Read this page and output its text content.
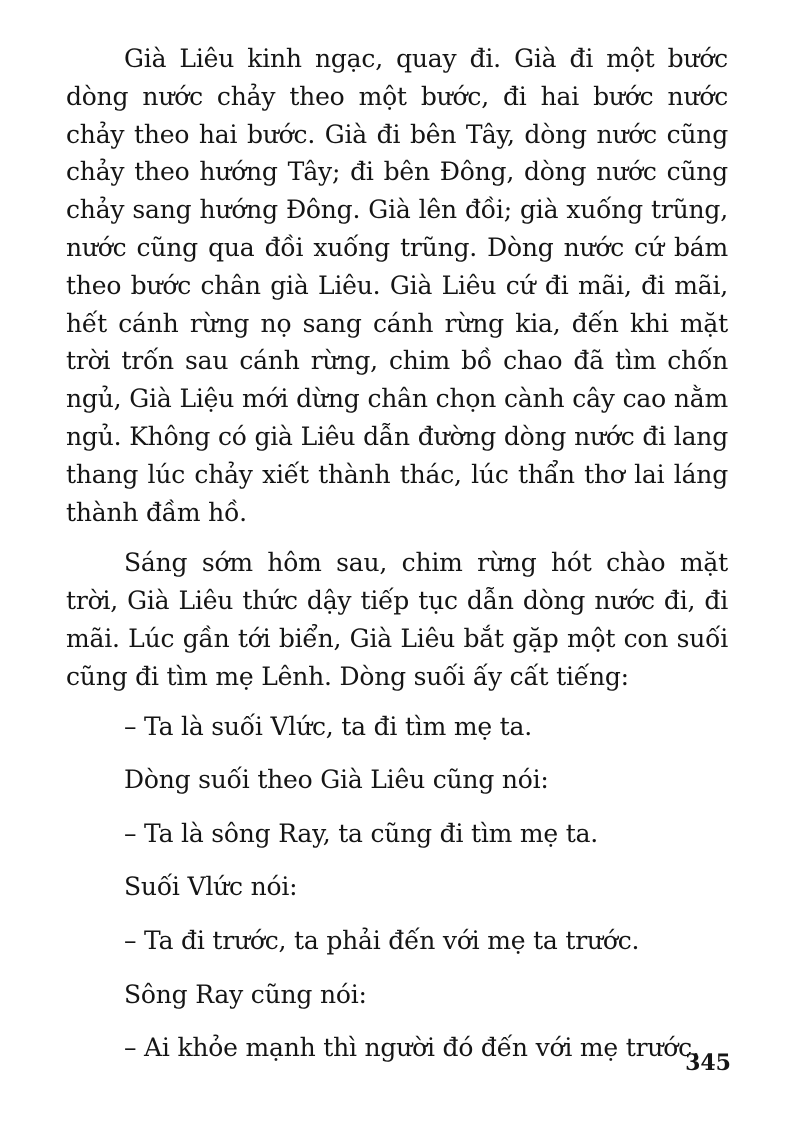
Già Liêu kinh ngạc, quay đi. Già đi một bước dòng nước chảy theo một bước, đi hai bước nước chảy theo hai bước. Già đi bên Tây, dòng nước cũng chảy theo hướng Tây; đi bên Đông, dòng nước cũng chảy sang hướng Đông. Già lên đồi; già xuống trũng, nước cũng qua đồi xuống trũng. Dòng nước cứ bám theo bước chân già Liêu. Già Liêu cứ đi mãi, đi mãi, hết cánh rừng nọ sang cánh rừng kia, đến khi mặt trời trốn sau cánh rừng, chim bồ chao đã tìm chốn ngủ, Già Liệu mới dừng chân chọn cành cây cao nằm ngủ. Không có già Liêu dẫn đường dòng nước đi lang thang lúc chảy xiết thành thác, lúc thẩn thơ lai láng thành đầm hồ.

Sáng sớm hôm sau, chim rừng hót chào mặt trời, Già Liêu thức dậy tiếp tục dẫn dòng nước đi, đi mãi. Lúc gần tới biển, Già Liêu bắt gặp một con suối cũng đi tìm mẹ Lênh. Dòng suối ấy cất tiếng:

– Ta là suối Vlức, ta đi tìm mẹ ta.

Dòng suối theo Già Liêu cũng nói:

– Ta là sông Ray, ta cũng đi tìm mẹ ta.

Suối Vlức nói:

– Ta đi trước, ta phải đến với mẹ ta trước.

Sông Ray cũng nói:

– Ai khỏe mạnh thì người đó đến với mẹ trước.

345
